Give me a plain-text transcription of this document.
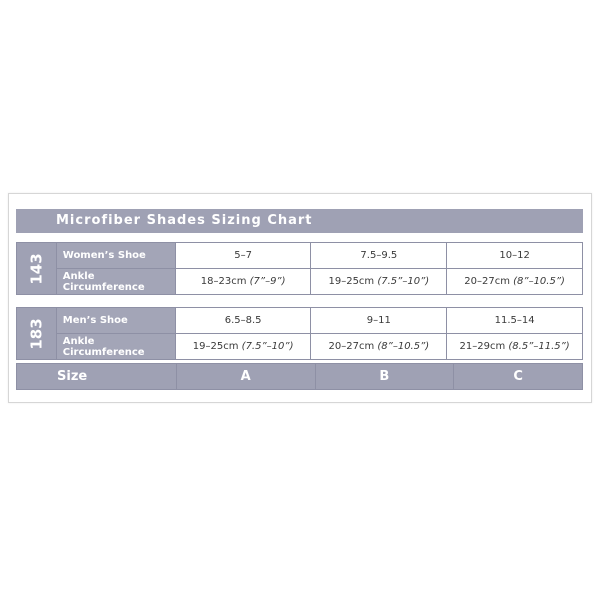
Microfiber Shades Sizing Chart
143	Women’s Shoe	5–7	7.5–9.5	10–12
	Ankle Circumference	18–23cm (7”–9”)	19–25cm (7.5”–10”)	20–27cm (8”–10.5”)
183	Men’s Shoe	6.5–8.5	9–11	11.5–14
	Ankle Circumference	19–25cm (7.5”–10”)	20–27cm (8”–10.5”)	21–29cm (8.5”–11.5”)
Size	A	B	C
